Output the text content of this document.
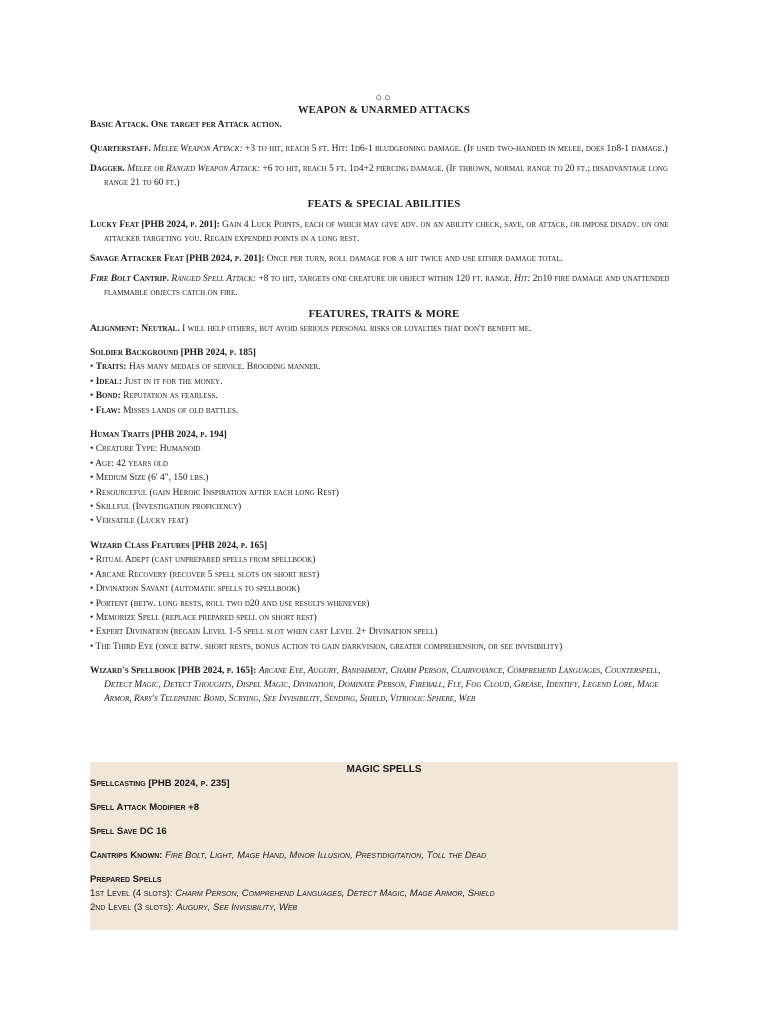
○○
WEAPON & UNARMED ATTACKS

Basic Attack. One target per Attack action.

Quarterstaff. Melee Weapon Attack: +3 to hit, reach 5 ft. Hit: 1d6-1 bludgeoning damage. (If used two-handed in melee, does 1d8-1 damage.)

Dagger. Melee or Ranged Weapon Attack: +6 to hit, reach 5 ft. 1d4+2 piercing damage. (If thrown, normal range to 20 ft.; disadvantage long range 21 to 60 ft.)

FEATS & SPECIAL ABILITIES

Lucky Feat [PHB 2024, p. 201]: Gain 4 Luck Points, each of which may give adv. on an ability check, save, or attack, or impose disadv. on one attacker targeting you. Regain expended points in a long rest.

Savage Attacker Feat [PHB 2024, p. 201]: Once per turn, roll damage for a hit twice and use either damage total.

Fire Bolt Cantrip. Ranged Spell Attack: +8 to hit, targets one creature or object within 120 ft. range. Hit: 2d10 fire damage and unattended flammable objects catch on fire.

FEATURES, TRAITS & MORE

Alignment: Neutral. I will help others, but avoid serious personal risks or loyalties that don't benefit me.

Soldier Background [PHB 2024, p. 185]

• Traits: Has many medals of service. Brooding manner.

• Ideal: Just in it for the money.

• Bond: Reputation as fearless.

• Flaw: Misses lands of old battles.

Human Traits [PHB 2024, p. 194]

• Creature Type: Humanoid

• Age: 42 years old

• Medium Size (6' 4", 150 lbs.)

• Resourceful (gain Heroic Inspiration after each long Rest)

• Skillful (Investigation proficiency)

• Versatile (Lucky feat)

Wizard Class Features [PHB 2024, p. 165]

• Ritual Adept (cast unprepared spells from spellbook)

• Arcane Recovery (recover 5 spell slots on short rest)

• Divination Savant (automatic spells to spellbook)

• Portent (betw. long rests, roll two d20 and use results whenever)

• Memorize Spell (replace prepared spell on short rest)

• Expert Divination (regain Level 1-5 spell slot when cast Level 2+ Divination spell)

• The Third Eye (once betw. short rests, bonus action to gain darkvision, greater comprehension, or see invisibility)

Wizard's Spellbook [PHB 2024, p. 165]: Arcane Eye, Augury, Banishment, Charm Person, Clairvoyance, Comprehend Languages, Counterspell, Detect Magic, Detect Thoughts, Dispel Magic, Divination, Dominate Person, Fireball, Fly, Fog Cloud, Grease, Identify, Legend Lore, Mage Armor, Rary's Telepathic Bond, Scrying, See Invisibility, Sending, Shield, Vitriolic Sphere, Web

MAGIC SPELLS

Spellcasting [PHB 2024, p. 235]

Spell Attack Modifier +8

Spell Save DC 16

Cantrips Known: Fire Bolt, Light, Mage Hand, Minor Illusion, Prestidigitation, Toll the Dead

Prepared Spells

1st Level (4 slots): Charm Person, Comprehend Languages, Detect Magic, Mage Armor, Shield

2nd Level (3 slots): Augury, See Invisibility, Web
